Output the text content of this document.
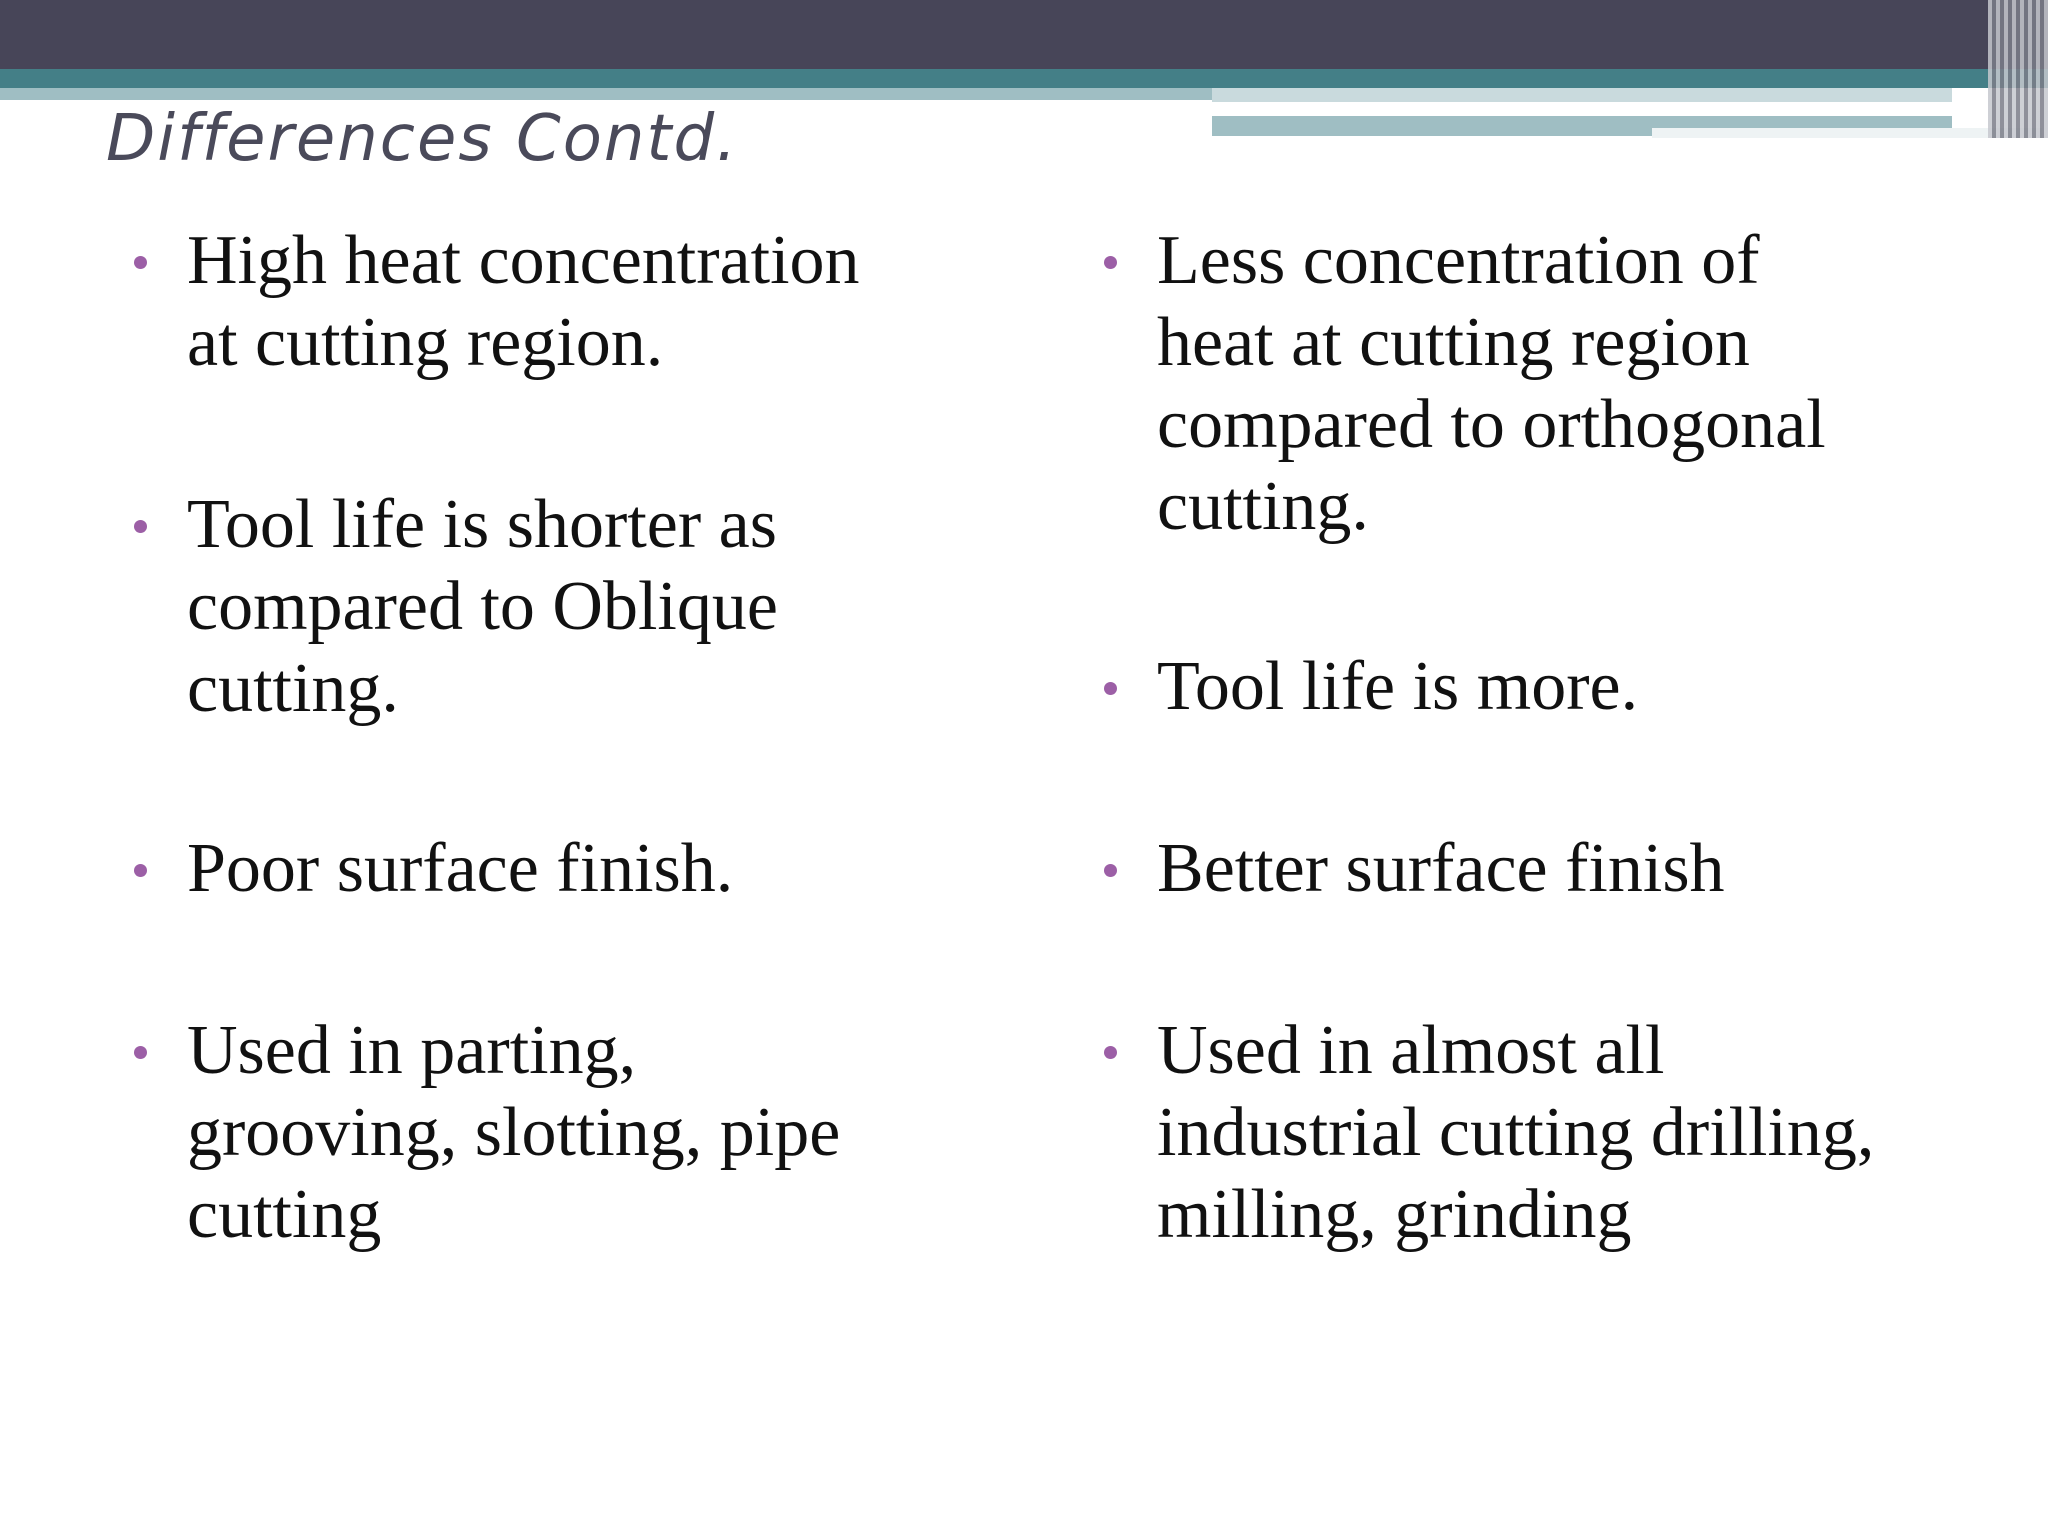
Differences Contd.
High heat concentration
at cutting region.
Tool life is shorter as
compared to Oblique
cutting.
Poor surface finish.
Used in parting,
grooving, slotting, pipe
cutting
Less concentration of
heat at cutting region
compared to orthogonal
cutting.
Tool life is more.
Better surface finish
Used in almost all
industrial cutting drilling,
milling, grinding
